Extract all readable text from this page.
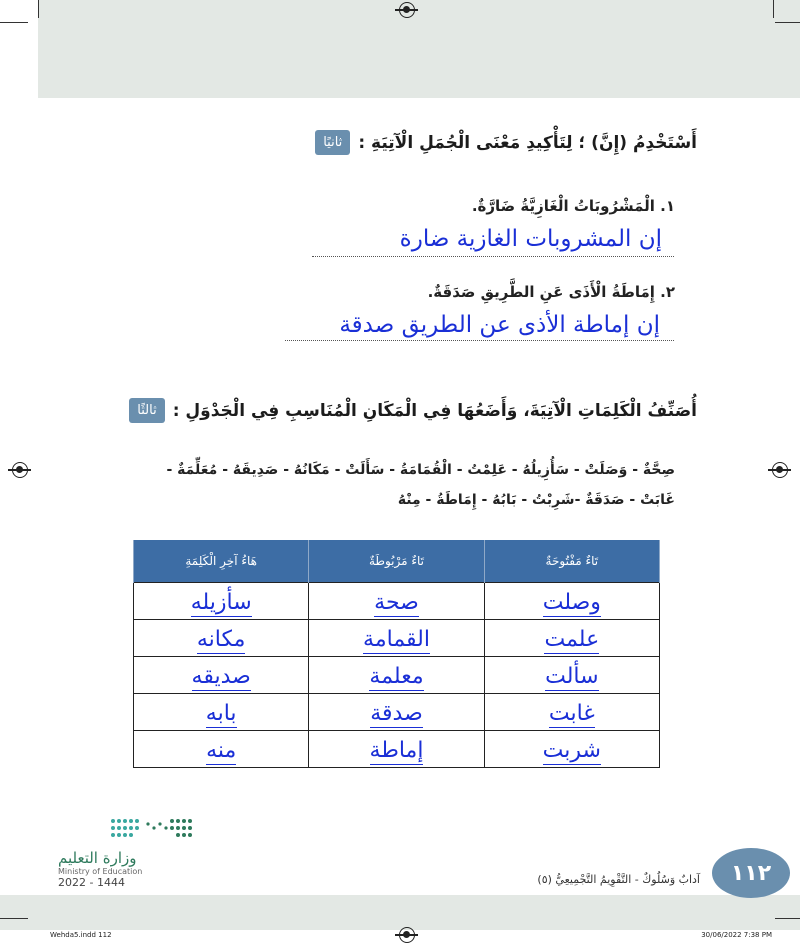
ثانيًا أَسْتَخْدِمُ (إِنَّ) ؛ لِتَأْكِيدِ مَعْنَى الْجُمَلِ الْآتِيَةِ :
١. الْمَشْرُوبَاتُ الْغَازِيَّةُ ضَارَّةٌ.
إن المشروبات الغازية ضارة
٢. إِمَاطَةُ الْأَذَى عَنِ الطَّرِيقِ صَدَقَةٌ.
إن إماطة الأذى عن الطريق صدقة
ثالثًا أُصَنِّفُ الْكَلِمَاتِ الْآتِيَةَ، وَأَضَعُهَا فِي الْمَكَانِ الْمُنَاسِبِ فِي الْجَدْوَلِ :
صِحَّةٌ - وَصَلَتْ - سَأُزِيلُهُ - عَلِمْتُ - الْقُمَامَةُ - سَأَلَتْ - مَكَانُهُ - صَدِيقَهُ - مُعَلِّمَةٌ -
غَابَتْ - صَدَقَةٌ -شَرِبْتُ - بَابُهُ - إِمَاطَةُ - مِنْهُ
تَاءٌ مَفْتُوحَةٌ	تَاءٌ مَرْبُوطَةٌ	هَاءُ آخِرِ الْكَلِمَةِ
وصلت	صحة	سأزيله
علمت	القمامة	مكانه
سألت	معلمة	صديقه
غابت	صدقة	بابه
شربت	إماطة	منه
وزارة التعليم
Ministry of Education
2022 - 1444	آدابٌ وَسُلُوكٌ - التَّقْوِيمُ التَّجْمِيعِيُّ (٥)	١١٢
Wehda5.indd 112	30/06/2022 7:38 PM
